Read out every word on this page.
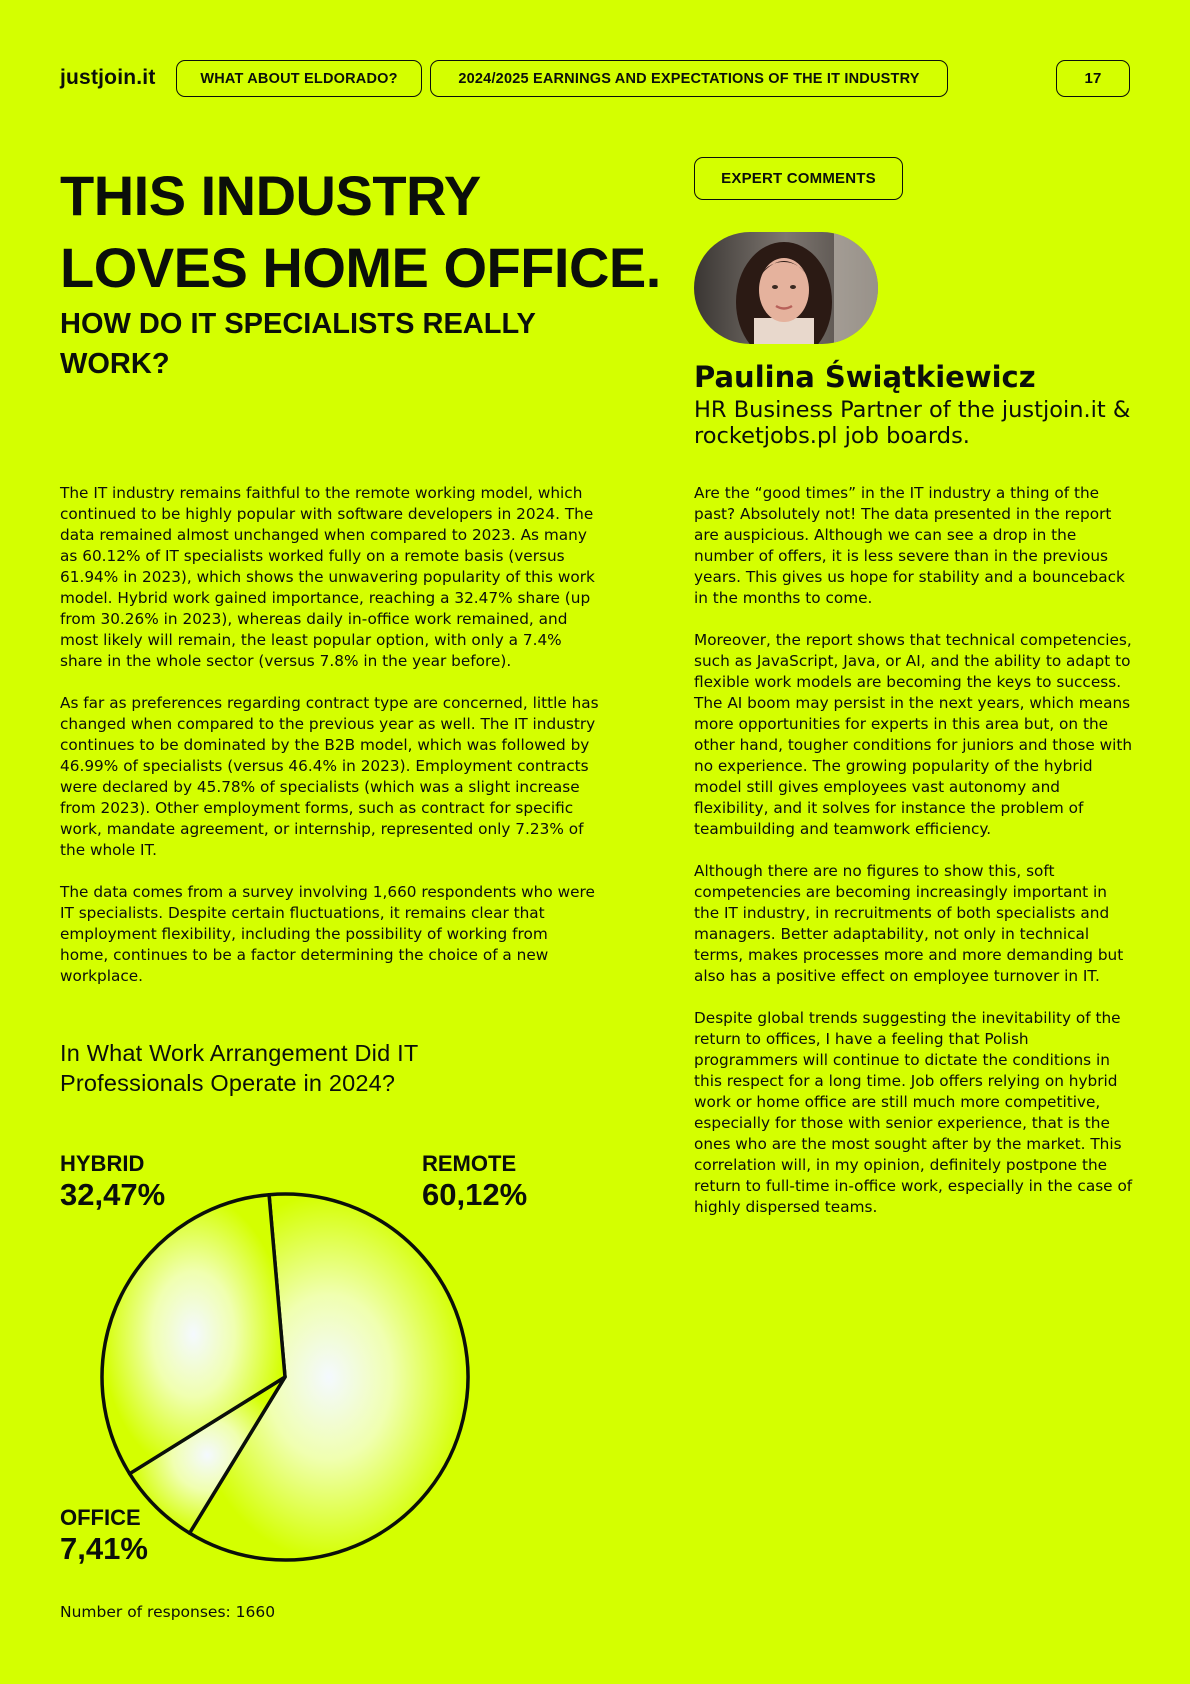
justjoin.it	WHAT ABOUT ELDORADO?	2024/2025 EARNINGS AND EXPECTATIONS OF THE IT INDUSTRY	17
THIS INDUSTRY
LOVES HOME OFFICE.
HOW DO IT SPECIALISTS REALLY WORK?

The IT industry remains faithful to the remote working model, which continued to be highly popular with software developers in 2024. The data remained almost unchanged when compared to 2023. As many as 60.12% of IT specialists worked fully on a remote basis (versus 61.94% in 2023), which shows the unwavering popularity of this work model. Hybrid work gained importance, reaching a 32.47% share (up from 30.26% in 2023), whereas daily in-office work remained, and most likely will remain, the least popular option, with only a 7.4% share in the whole sector (versus 7.8% in the year before).

As far as preferences regarding contract type are concerned, little has changed when compared to the previous year as well. The IT industry continues to be dominated by the B2B model, which was followed by 46.99% of specialists (versus 46.4% in 2023). Employment contracts were declared by 45.78% of specialists (which was a slight increase from 2023). Other employment forms, such as contract for specific work, mandate agreement, or internship, represented only 7.23% of the whole IT.

The data comes from a survey involving 1,660 respondents who were IT specialists. Despite certain fluctuations, it remains clear that employment flexibility, including the possibility of working from home, continues to be a factor determining the choice of a new workplace.

EXPERT COMMENTS
Paulina Świątkiewicz
HR Business Partner of the justjoin.it & rocketjobs.pl job boards.

Are the “good times” in the IT industry a thing of the past? Absolutely not! The data presented in the report are auspicious. Although we can see a drop in the number of offers, it is less severe than in the previous years. This gives us hope for stability and a bounceback in the months to come.

Moreover, the report shows that technical competencies, such as JavaScript, Java, or AI, and the ability to adapt to flexible work models are becoming the keys to success. The AI boom may persist in the next years, which means more opportunities for experts in this area but, on the other hand, tougher conditions for juniors and those with no experience. The growing popularity of the hybrid model still gives employees vast autonomy and flexibility, and it solves for instance the problem of teambuilding and teamwork efficiency.

Although there are no figures to show this, soft competencies are becoming increasingly important in the IT industry, in recruitments of both specialists and managers. Better adaptability, not only in technical terms, makes processes more and more demanding but also has a positive effect on employee turnover in IT.

Despite global trends suggesting the inevitability of the return to offices, I have a feeling that Polish programmers will continue to dictate the conditions in this respect for a long time. Job offers relying on hybrid work or home office are still much more competitive, especially for those with senior experience, that is the ones who are the most sought after by the market. This correlation will, in my opinion, definitely postpone the return to full-time in-office work, especially in the case of highly dispersed teams.

In What Work Arrangement Did IT Professionals Operate in 2024?
HYBRID
32,47%
REMOTE
60,12%
OFFICE
7,41%
Number of responses: 1660
